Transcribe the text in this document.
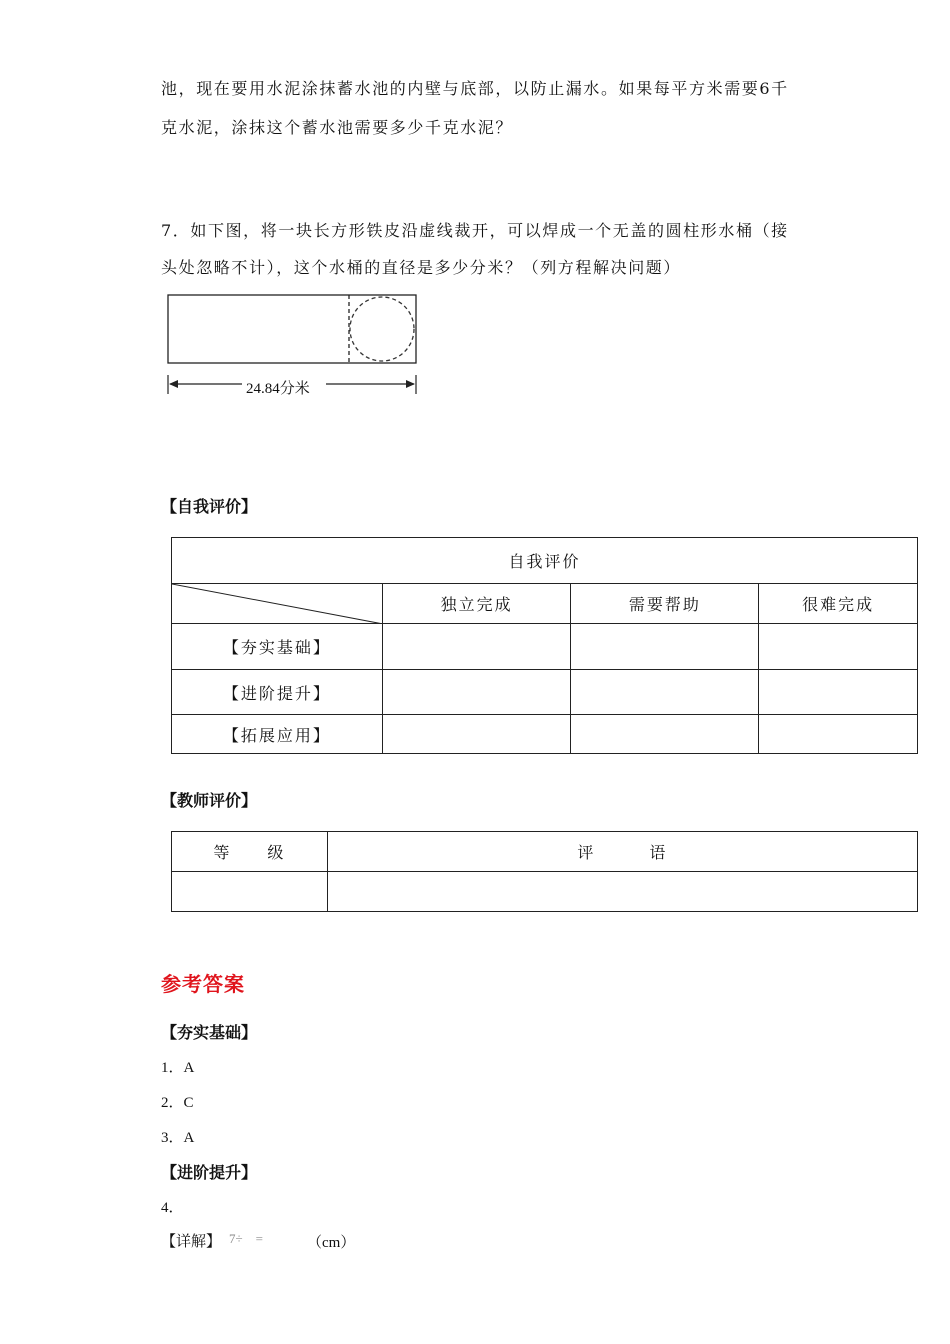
池，现在要用水泥涂抹蓄水池的内壁与底部，以防止漏水。如果每平方米需要6千
克水泥，涂抹这个蓄水池需要多少千克水泥？
7．如下图，将一块长方形铁皮沿虚线裁开，可以焊成一个无盖的圆柱形水桶（接
头处忽略不计），这个水桶的直径是多少分米？（列方程解决问题）
24.84分米
【自我评价】
自我评价			

	独立完成	需要帮助	很难完成
【夯实基础】			
【进阶提升】			
【拓展应用】			
【教师评价】
等　　级	评　　　语

参考答案
【夯实基础】
1．A
2．C
3．A
【进阶提升】
4．
【详解】 7÷　=	（cm）
